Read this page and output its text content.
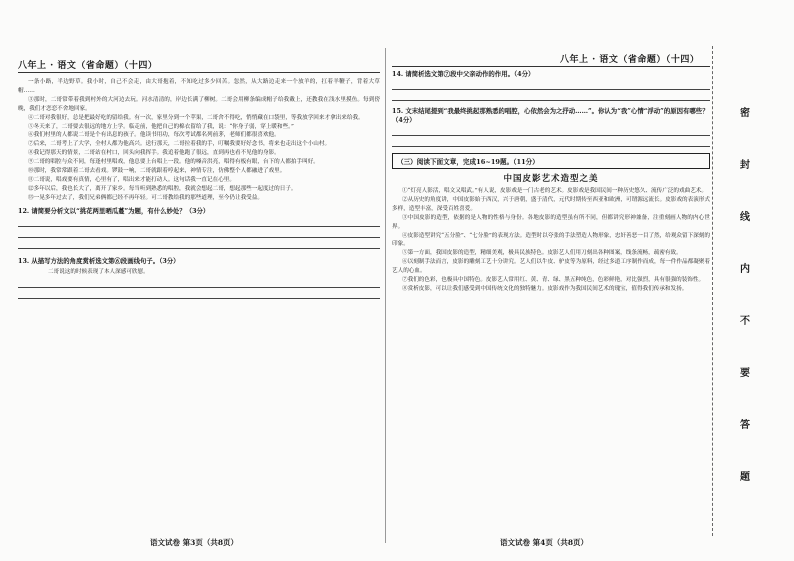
八年上 · 语文（省命题）（十四）

一条小路，半边野草。我小时，自己不会走，由大哥抱着，不知吃过多少回苦。忽然，从大路边走来一个放羊的，扛着羊鞭子，背着大草帽……

③那时，二哥常带着我到村外的大河边去玩。河水清清的，岸边长满了柳树。二哥会用柳条编成帽子给我戴上，还教我在浅水里摸鱼。每到傍晚，我们才恋恋不舍地回家。

④二哥对我很好，总是把最好吃的留给我。有一次，家里分到一个苹果，二哥舍不得吃，悄悄藏在口袋里，等我放学回来才拿出来给我。

⑤冬天来了，二哥要去很远的地方上学。临走前，他把自己的棉衣留给了我，说：“你身子弱，穿上暖和些。”

⑥我们村里的人都说二哥是个有出息的孩子。他读书用功，每次考试都名列前茅，老师们都很喜欢他。

⑦后来，二哥考上了大学，全村人都为他高兴。送行那天，二哥拉着我的手，叮嘱我要好好念书，将来也走出这个小山村。

⑧我记得那天的情景，二哥站在村口，回头向我挥手。我追着他跑了很远，直到再也看不见他的身影。

⑨二哥的唱腔与众不同，每逢村里唱戏，他总要上台唱上一段。他的嗓音洪亮，唱得有板有眼，台下的人都拍手叫好。

⑩那时，我常常跟着二哥去看戏。锣鼓一响，二哥就跟着哼起来，神情专注，仿佛整个人都融进了戏里。

⑪二哥说，唱戏要有真情，心里有了，唱出来才能打动人。这句话我一直记在心里。

⑫多年以后，我也长大了，离开了家乡。每当听到熟悉的唱腔，我就会想起二哥，想起那些一起度过的日子。

⑬一晃多年过去了，我们兄弟俩都已经不再年轻。可二哥教给我的那些道理，至今仍让我受益。

12. 请简要分析文以“挑花两里晒瓜蔓”为题，有什么妙处？（3分）

13. 从描写方法的角度赏析选文第⑥段画线句子。（3分）

二哥说这的时候表现了本人深感可欣慰。

语文试卷 第3页（共8页）
八年上 · 语文（省命题）（十四）

14. 请简析选文第⑦段中父亲动作的作用。（4分）

15. 文末结尾提到“我最终挑起那熟悉的唱腔，心依然会为之抒动……”。你认为“我”心情“浮动”的原因有哪些？（4分）

（三）阅读下面文章，完成16~19题。（11分）

中国皮影艺术造型之美

①“灯亮人影活，唱文又唱武。”有人说，皮影戏是一门古老的艺术。皮影戏是我国民间一种历史悠久、流传广泛的戏曲艺术。

②从历史的角度讲，中国皮影始于西汉，兴于唐朝，盛于清代，元代时期传至西亚和欧洲，可谓源远流长。皮影戏的表演形式多样，造型丰富，深受百姓喜爱。

③中国皮影的造型，依据的是人物的性格与身份。各地皮影的造型虽有所不同，但都讲究形神兼备，注重刻画人物的内心世界。

④皮影造型讲究“五分脸”、“七分脸”的表现方法。造型时以夸张的手法塑造人物形象，忠奸善恶一目了然，给观众留下深刻的印象。

⑤第一方面，我国皮影的造型，精细美观，极具民族特色。皮影艺人们用刀刻出各种图案，线条流畅，疏密有致。

⑥以刻制手法而言，皮影的雕刻工艺十分讲究。艺人们以牛皮、驴皮等为原料，经过多道工序制作而成，每一件作品都凝聚着艺人的心血。

⑦我们的色彩，也极具中国特色。皮影艺人常用红、黄、青、绿、黑五种纯色，色彩鲜艳，对比强烈，具有很强的装饰性。

⑧赏析皮影，可以让我们感受到中国传统文化的独特魅力。皮影戏作为我国民间艺术的瑰宝，值得我们传承和发扬。

语文试卷 第4页（共8页）
密
封
线
内
不
要
答
题
